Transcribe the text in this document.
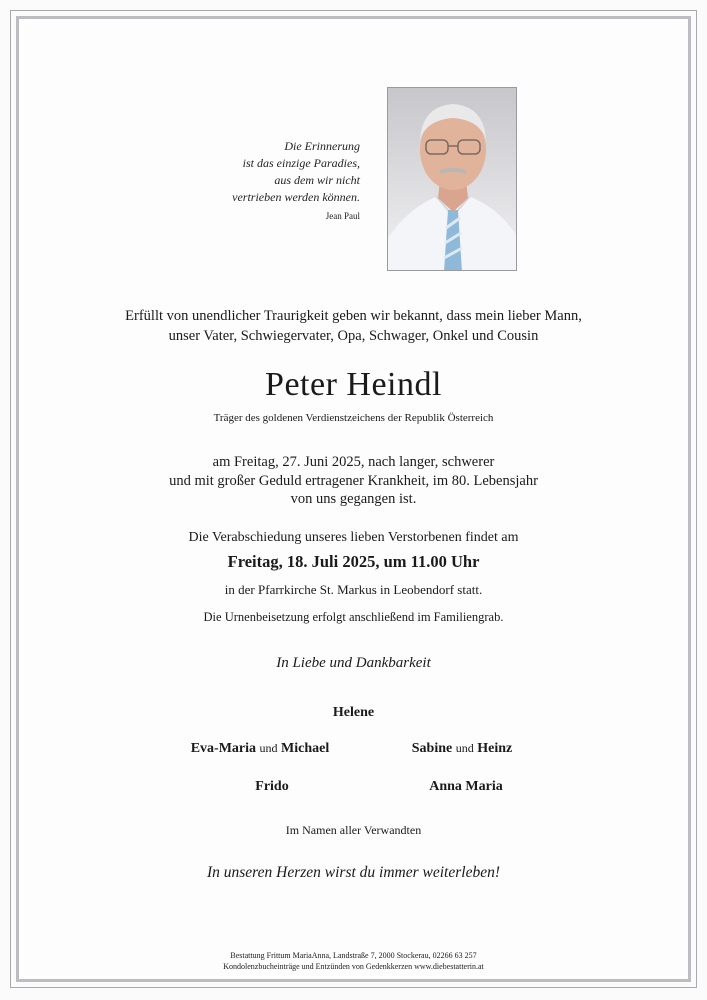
Die Erinnerung
ist das einzige Paradies,
aus dem wir nicht
vertrieben werden können.
Jean Paul
Erfüllt von unendlicher Traurigkeit geben wir bekannt, dass mein lieber Mann,
unser Vater, Schwiegervater, Opa, Schwager, Onkel und Cousin
Peter Heindl
Träger des goldenen Verdienstzeichens der Republik Österreich
am Freitag, 27. Juni 2025, nach langer, schwerer
und mit großer Geduld ertragener Krankheit, im 80. Lebensjahr
von uns gegangen ist.
Die Verabschiedung unseres lieben Verstorbenen findet am
Freitag, 18. Juli 2025, um 11.00 Uhr
in der Pfarrkirche St. Markus in Leobendorf statt.
Die Urnenbeisetzung erfolgt anschließend im Familiengrab.
In Liebe und Dankbarkeit
Helene
Eva-Maria und Michael	Sabine und Heinz
Frido	Anna Maria
Im Namen aller Verwandten
In unseren Herzen wirst du immer weiterleben!
Bestattung Frittum MariaAnna, Landstraße 7, 2000 Stockerau, 02266 63 257
Kondolenzbucheinträge und Entzünden von Gedenkkerzen www.diebestatterin.at
